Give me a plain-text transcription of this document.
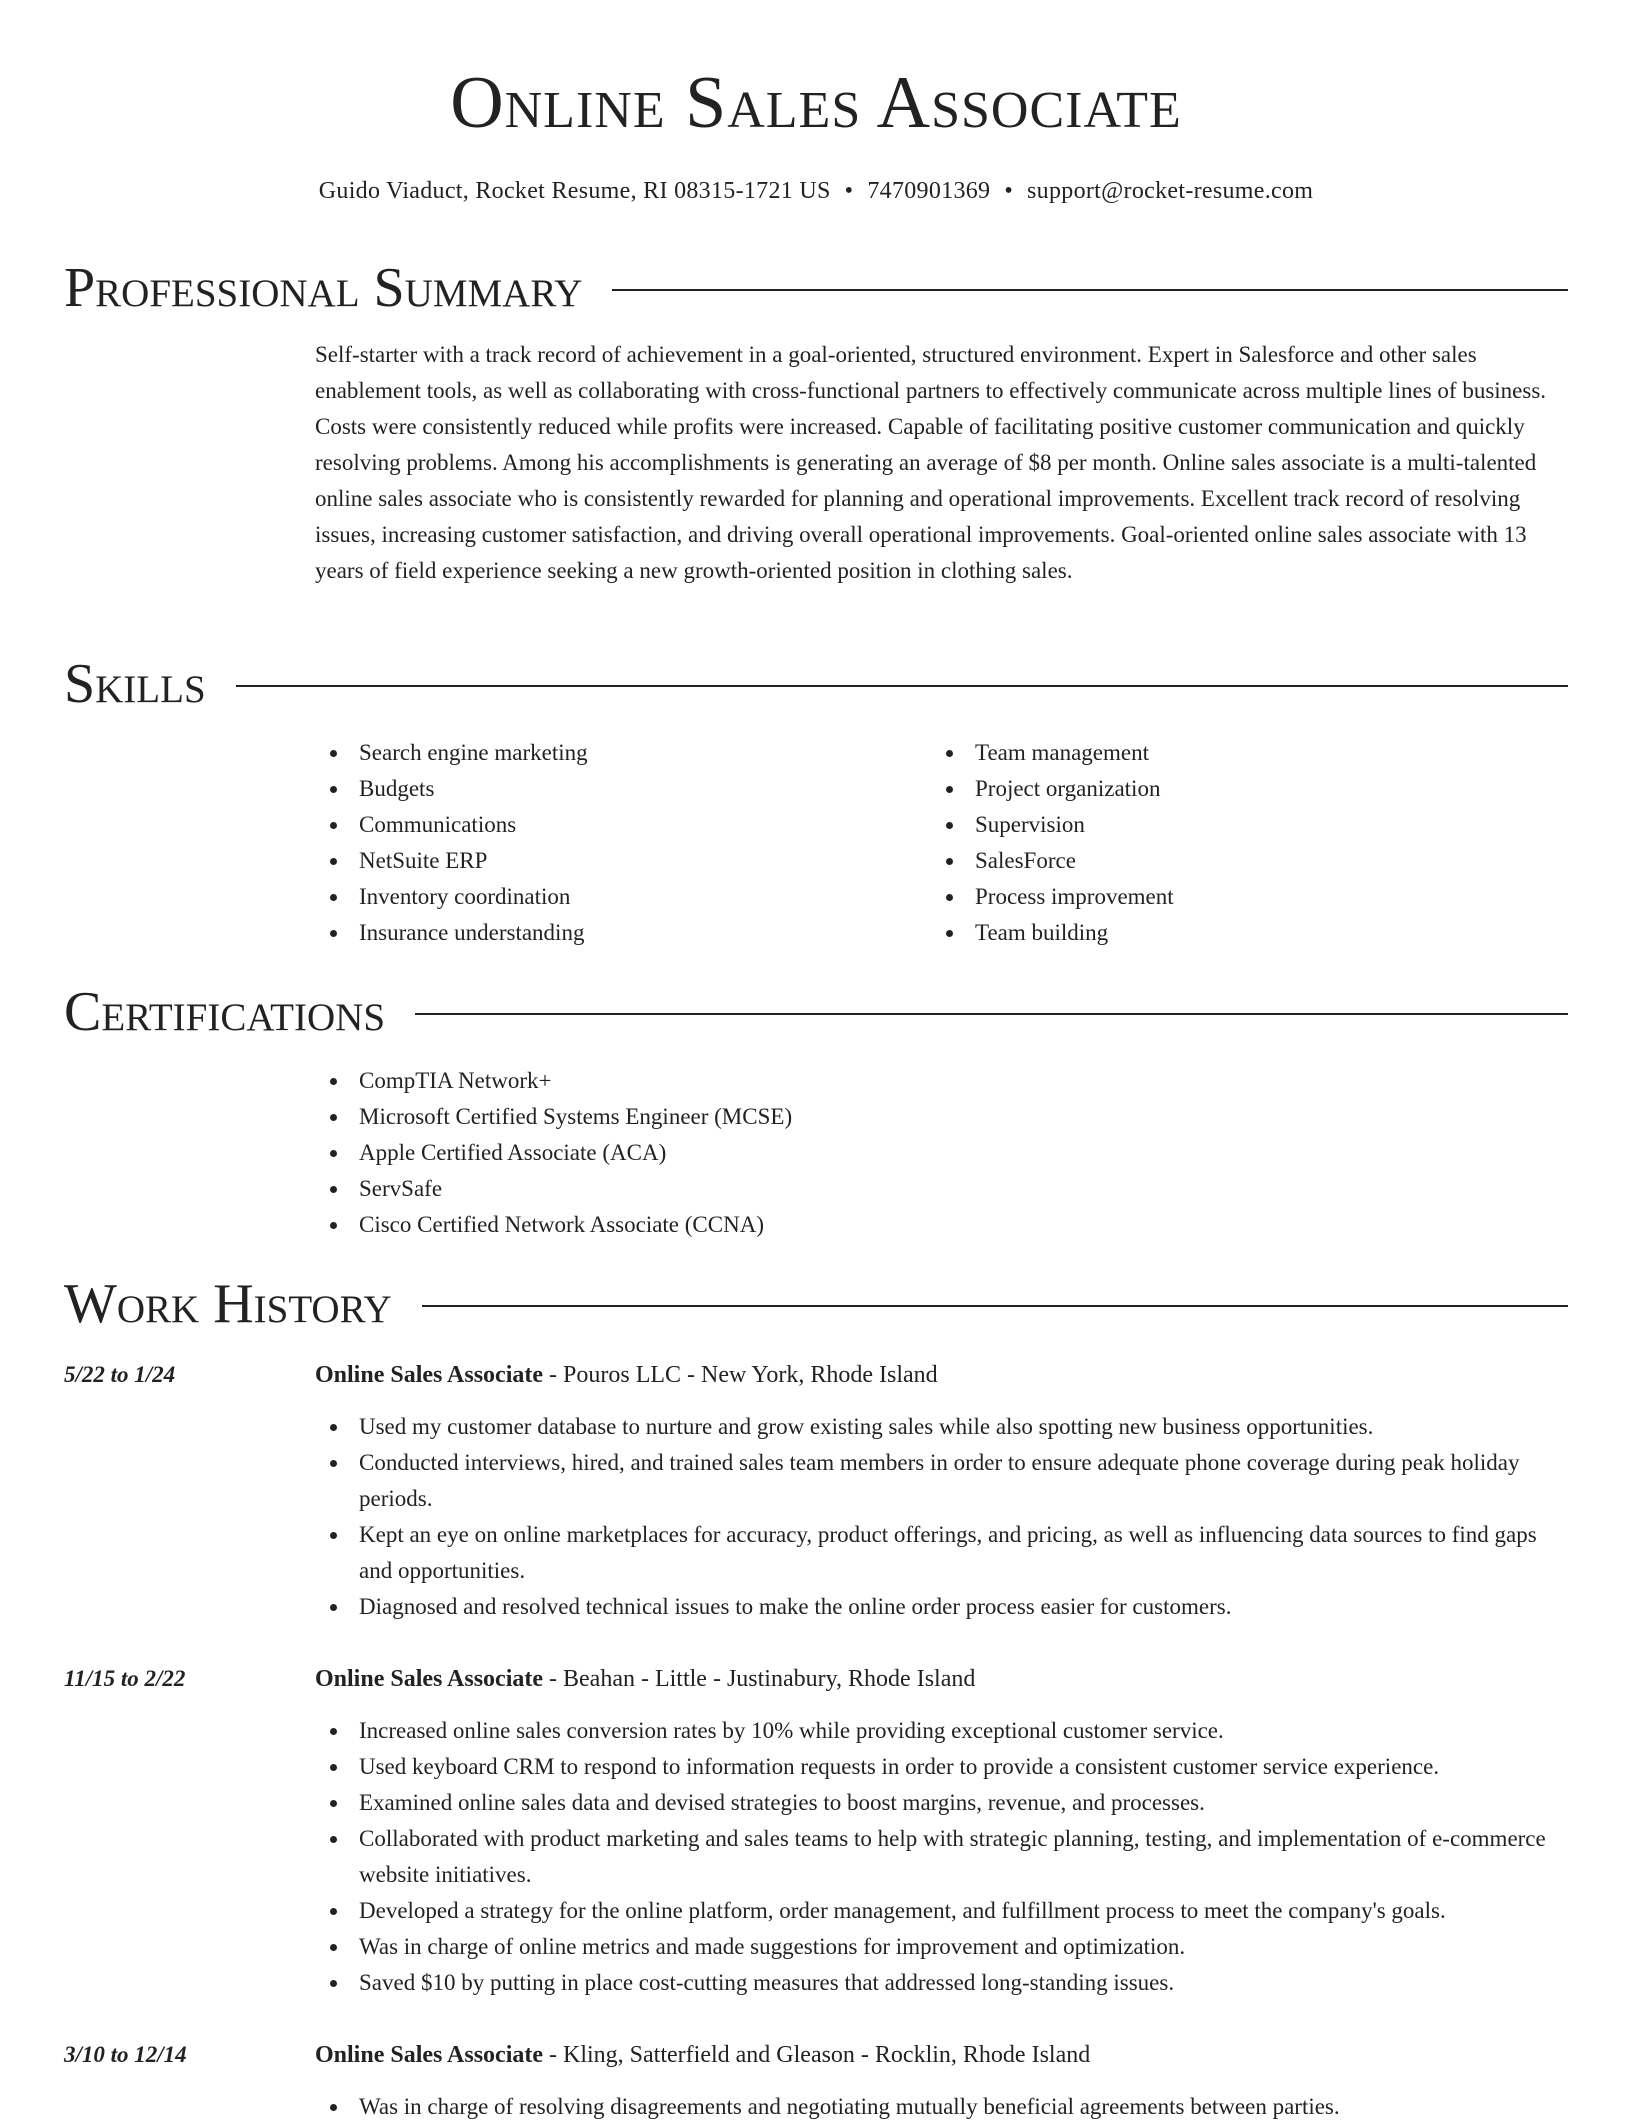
Online Sales Associate
Guido Viaduct, Rocket Resume, RI 08315-1721 US • 7470901369 • support@rocket-resume.com
Professional Summary

Self-starter with a track record of achievement in a goal-oriented, structured environment. Expert in Salesforce and other sales enablement tools, as well as collaborating with cross-functional partners to effectively communicate across multiple lines of business. Costs were consistently reduced while profits were increased. Capable of facilitating positive customer communication and quickly resolving problems. Among his accomplishments is generating an average of $8 per month. Online sales associate is a multi-talented online sales associate who is consistently rewarded for planning and operational improvements. Excellent track record of resolving issues, increasing customer satisfaction, and driving overall operational improvements. Goal-oriented online sales associate with 13 years of field experience seeking a new growth-oriented position in clothing sales.

Skills
Search engine marketing
Budgets
Communications
NetSuite ERP
Inventory coordination
Insurance understanding
Team management
Project organization
Supervision
SalesForce
Process improvement
Team building
Certifications
CompTIA Network+
Microsoft Certified Systems Engineer (MCSE)
Apple Certified Associate (ACA)
ServSafe
Cisco Certified Network Associate (CCNA)
Work History
5/22 to 1/24	Online Sales Associate - Pouros LLC - New York, Rhode Island
Used my customer database to nurture and grow existing sales while also spotting new business opportunities.
Conducted interviews, hired, and trained sales team members in order to ensure adequate phone coverage during peak holiday periods.
Kept an eye on online marketplaces for accuracy, product offerings, and pricing, as well as influencing data sources to find gaps and opportunities.
Diagnosed and resolved technical issues to make the online order process easier for customers.
11/15 to 2/22	Online Sales Associate - Beahan - Little - Justinabury, Rhode Island
Increased online sales conversion rates by 10% while providing exceptional customer service.
Used keyboard CRM to respond to information requests in order to provide a consistent customer service experience.
Examined online sales data and devised strategies to boost margins, revenue, and processes.
Collaborated with product marketing and sales teams to help with strategic planning, testing, and implementation of e-commerce website initiatives.
Developed a strategy for the online platform, order management, and fulfillment process to meet the company's goals.
Was in charge of online metrics and made suggestions for improvement and optimization.
Saved $10 by putting in place cost-cutting measures that addressed long-standing issues.
3/10 to 12/14	Online Sales Associate - Kling, Satterfield and Gleason - Rocklin, Rhode Island
Was in charge of resolving disagreements and negotiating mutually beneficial agreements between parties.
